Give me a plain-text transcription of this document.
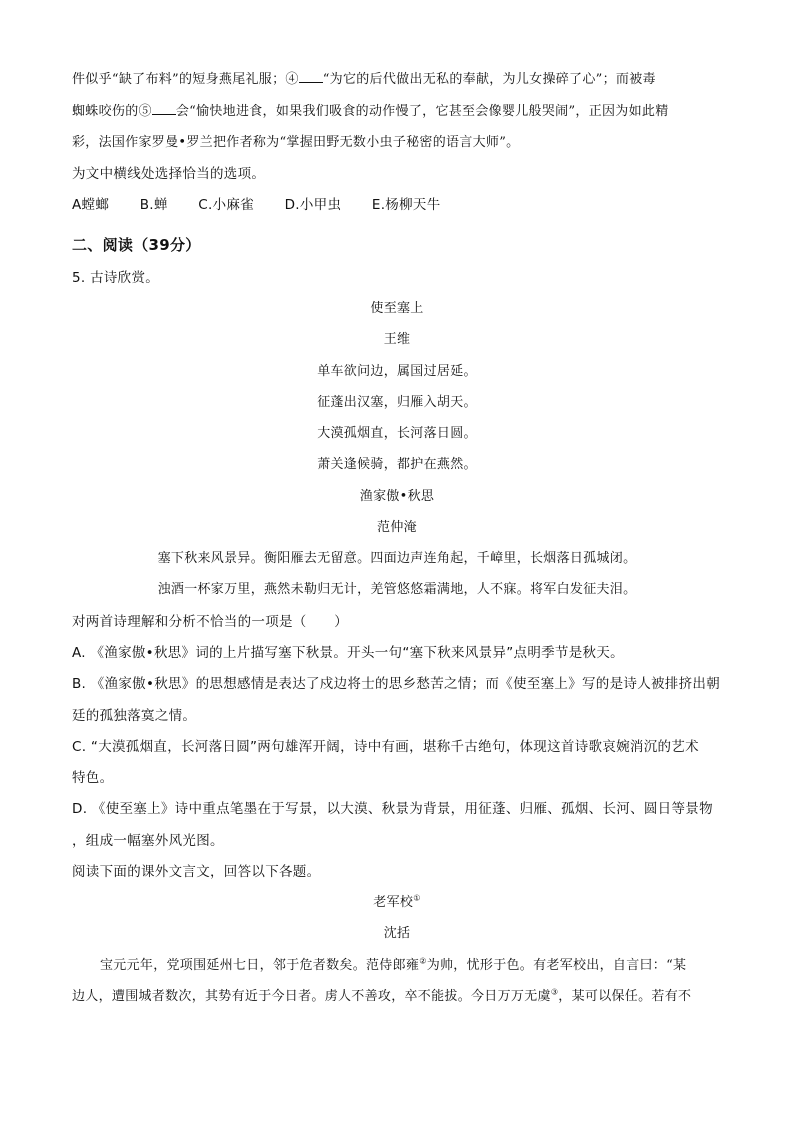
件似乎“缺了布料”的短身燕尾礼服；④ “为它的后代做出无私的奉献，为儿女操碎了心”；而被毒
蜘蛛咬伤的⑤ 会“愉快地进食，如果我们吸食的动作慢了，它甚至会像婴儿般哭闹”，正因为如此精
彩，法国作家罗曼•罗兰把作者称为“掌握田野无数小虫子秘密的语言大师”。
为文中横线处选择恰当的选项。
A螳螂 B.蝉 C.小麻雀 D.小甲虫 E.杨柳天牛
二、阅读（39分）
5. 古诗欣赏。
使至塞上
王维
单车欲问边，属国过居延。
征蓬出汉塞，归雁入胡天。
大漠孤烟直，长河落日圆。
萧关逢候骑，都护在燕然。
渔家傲•秋思
范仲淹
塞下秋来风景异。衡阳雁去无留意。四面边声连角起，千嶂里，长烟落日孤城闭。
浊酒一杯家万里，燕然未勒归无计，羌管悠悠霜满地，人不寐。将军白发征夫泪。
对两首诗理解和分析不恰当的一项是（　　）
A. 《渔家傲•秋思》词的上片描写塞下秋景。开头一句“塞下秋来风景异”点明季节是秋天。
B. 《渔家傲•秋思》的思想感情是表达了戍边将士的思乡愁苦之情；而《使至塞上》写的是诗人被排挤出朝
廷的孤独落寞之情。
C. “大漠孤烟直，长河落日圆”两句雄浑开阔，诗中有画，堪称千古绝句，体现这首诗歌哀婉消沉的艺术
特色。
D. 《使至塞上》诗中重点笔墨在于写景，以大漠、秋景为背景，用征蓬、归雁、孤烟、长河、圆日等景物
，组成一幅塞外风光图。
阅读下面的课外文言文，回答以下各题。
老军校①
沈括
宝元元年，党项围延州七日，邻于危者数矣。范侍郎雍②为帅，忧形于色。有老军校出，自言曰：“某
边人，遭围城者数次，其势有近于今日者。虏人不善攻，卒不能拔。今日万万无虞③，某可以保任。若有不
